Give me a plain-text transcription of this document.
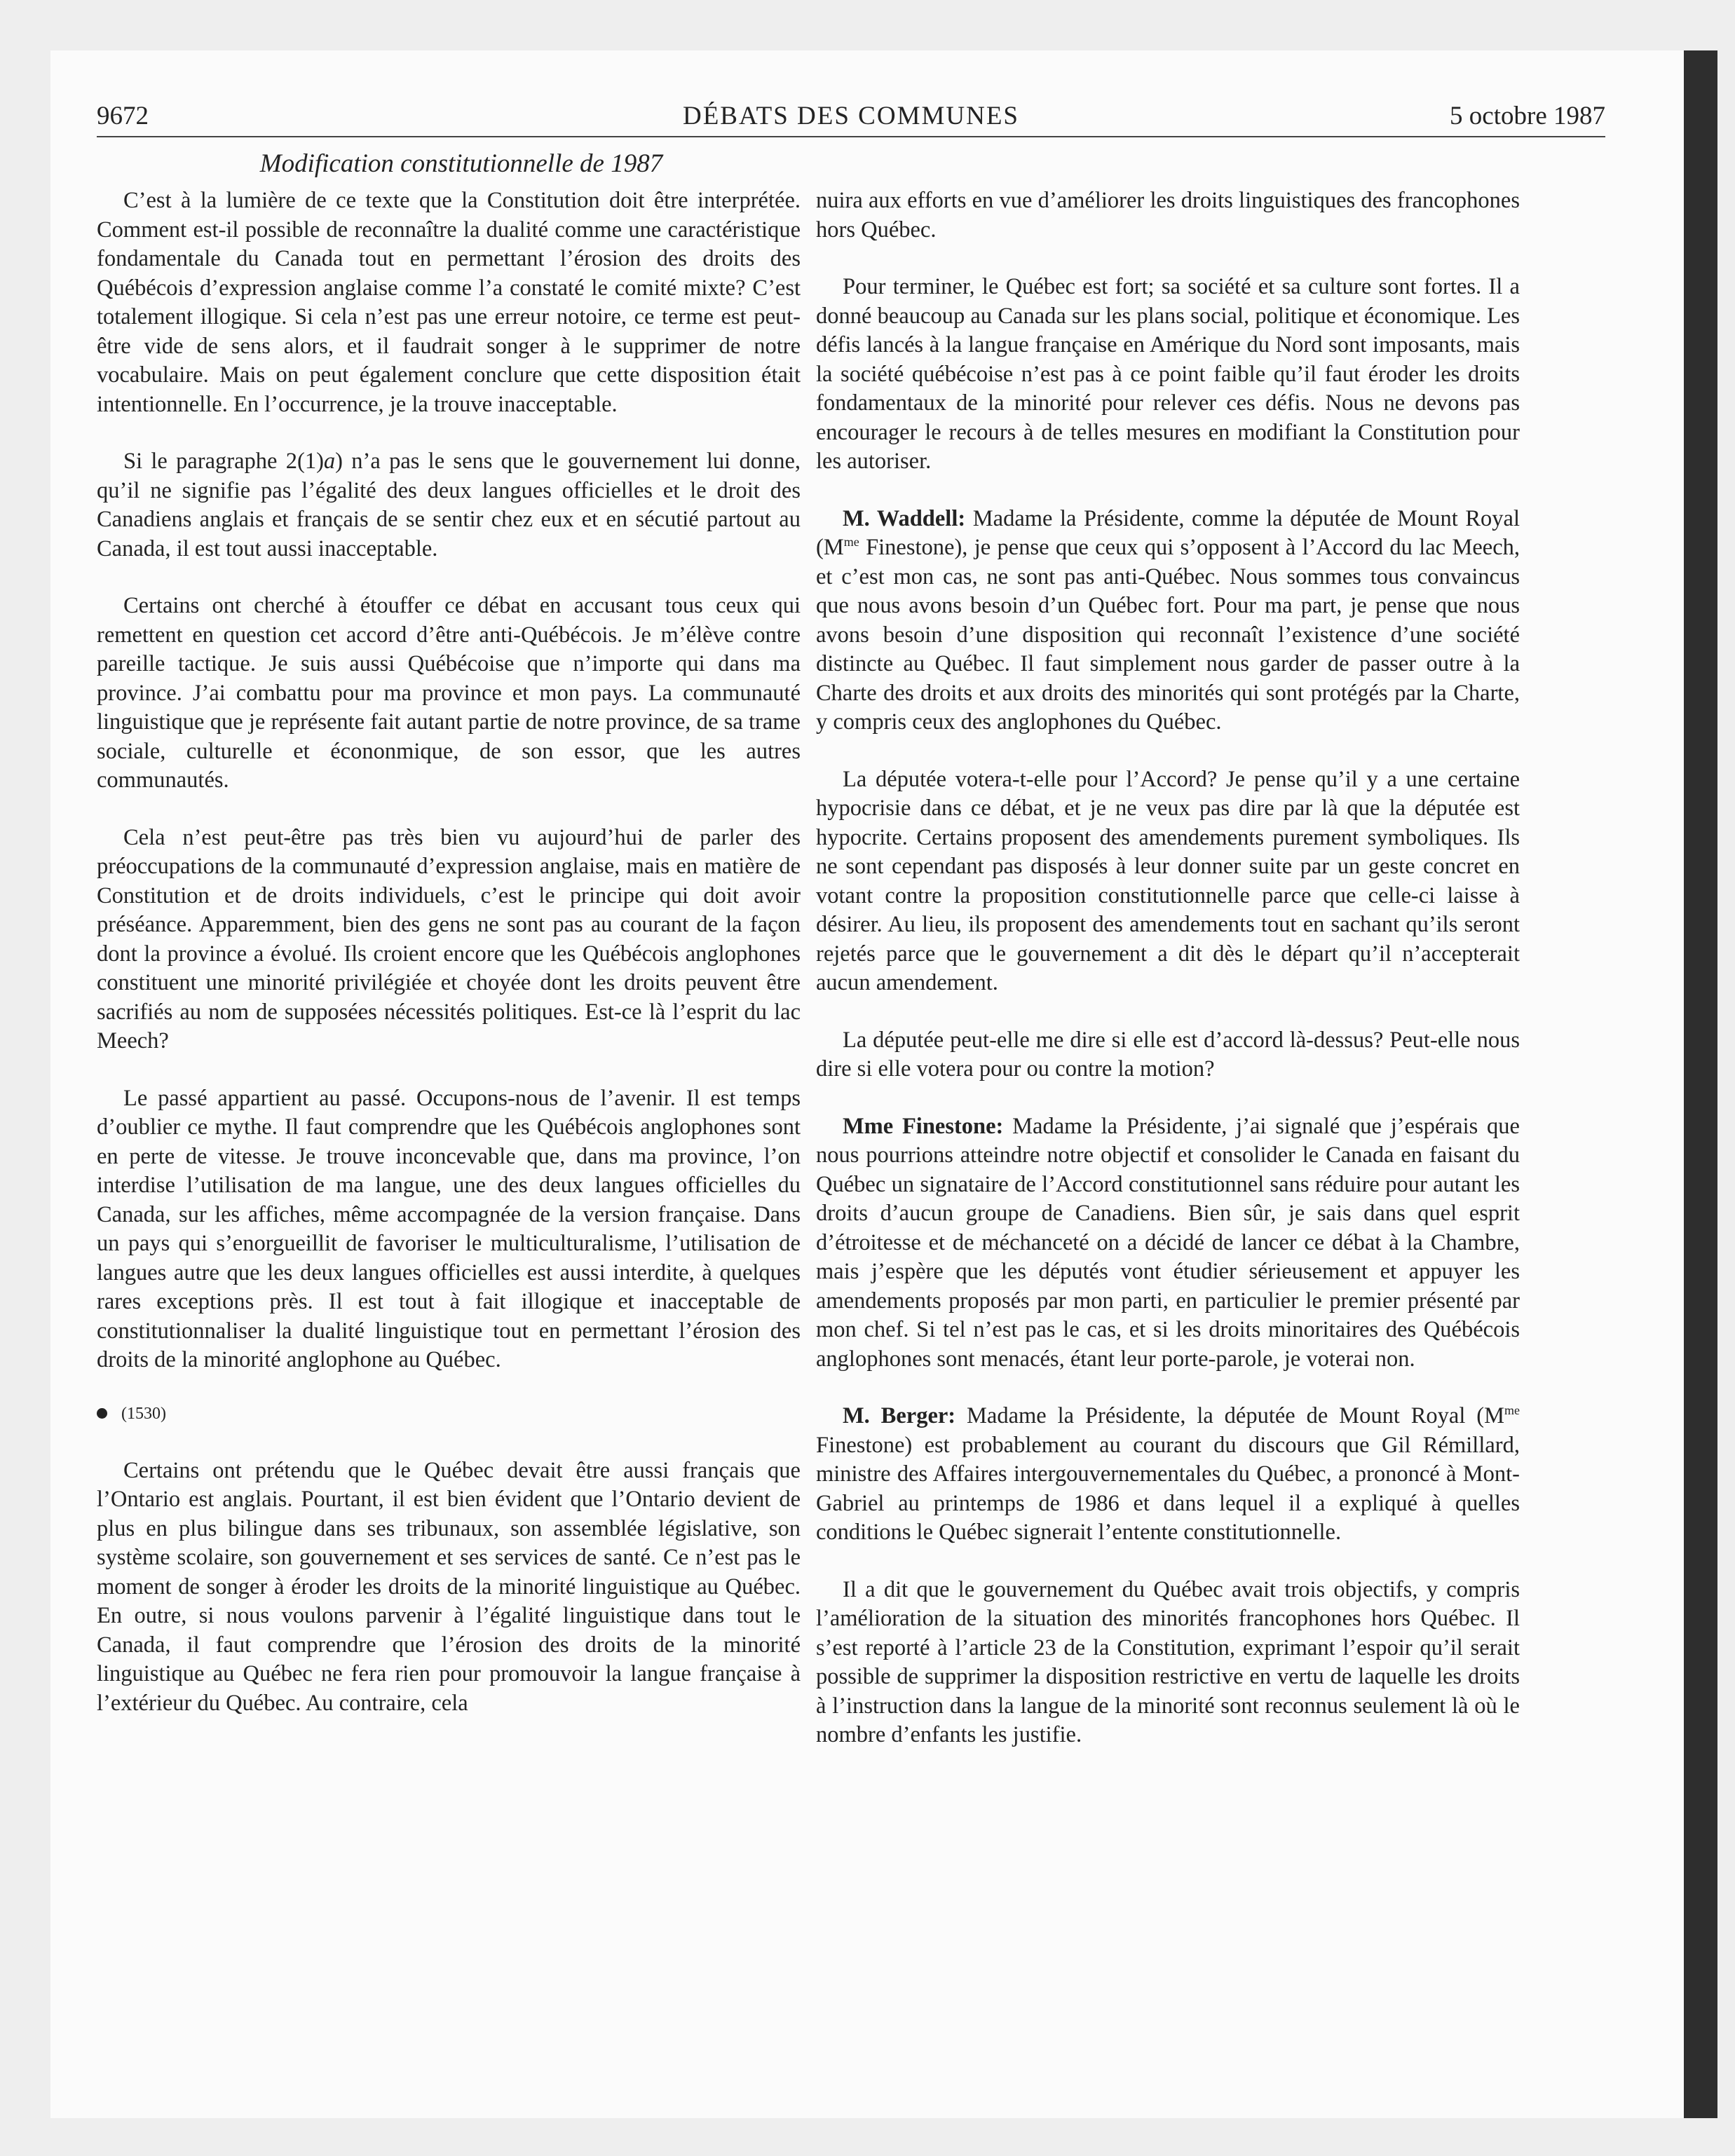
9672	DÉBATS DES COMMUNES	5 octobre 1987
Modification constitutionnelle de 1987

C’est à la lumière de ce texte que la Constitution doit être interprétée. Comment est-il possible de reconnaître la dualité comme une caractéristique fondamentale du Canada tout en permettant l’érosion des droits des Québécois d’expression anglaise comme l’a constaté le comité mixte? C’est totalement illogique. Si cela n’est pas une erreur notoire, ce terme est peut-être vide de sens alors, et il faudrait songer à le supprimer de notre vocabulaire. Mais on peut également conclure que cette disposition était intentionnelle. En l’occurrence, je la trouve inacceptable.

Si le paragraphe 2(1)a) n’a pas le sens que le gouvernement lui donne, qu’il ne signifie pas l’égalité des deux langues officielles et le droit des Canadiens anglais et français de se sentir chez eux et en sécutié partout au Canada, il est tout aussi inacceptable.

Certains ont cherché à étouffer ce débat en accusant tous ceux qui remettent en question cet accord d’être anti-Québécois. Je m’élève contre pareille tactique. Je suis aussi Québécoise que n’importe qui dans ma province. J’ai combattu pour ma province et mon pays. La communauté linguistique que je représente fait autant partie de notre province, de sa trame sociale, culturelle et écononmique, de son essor, que les autres communautés.

Cela n’est peut-être pas très bien vu aujourd’hui de parler des préoccupations de la communauté d’expression anglaise, mais en matière de Constitution et de droits individuels, c’est le principe qui doit avoir préséance. Apparemment, bien des gens ne sont pas au courant de la façon dont la province a évolué. Ils croient encore que les Québécois anglophones constituent une minorité privilégiée et choyée dont les droits peuvent être sacrifiés au nom de supposées nécessités politiques. Est-ce là l’esprit du lac Meech?

Le passé appartient au passé. Occupons-nous de l’avenir. Il est temps d’oublier ce mythe. Il faut comprendre que les Québécois anglophones sont en perte de vitesse. Je trouve inconcevable que, dans ma province, l’on interdise l’utilisation de ma langue, une des deux langues officielles du Canada, sur les affiches, même accompagnée de la version française. Dans un pays qui s’enorgueillit de favoriser le multiculturalisme, l’utilisation de langues autre que les deux langues officielles est aussi interdite, à quelques rares exceptions près. Il est tout à fait illogique et inacceptable de constitutionnaliser la dualité linguistique tout en permettant l’érosion des droits de la minorité anglophone au Québec.

(1530)

Certains ont prétendu que le Québec devait être aussi français que l’Ontario est anglais. Pourtant, il est bien évident que l’Ontario devient de plus en plus bilingue dans ses tribunaux, son assemblée législative, son système scolaire, son gouvernement et ses services de santé. Ce n’est pas le moment de songer à éroder les droits de la minorité linguistique au Québec. En outre, si nous voulons parvenir à l’égalité linguistique dans tout le Canada, il faut comprendre que l’érosion des droits de la minorité linguistique au Québec ne fera rien pour promouvoir la langue française à l’extérieur du Québec. Au contraire, cela

nuira aux efforts en vue d’améliorer les droits linguistiques des francophones hors Québec.

Pour terminer, le Québec est fort; sa société et sa culture sont fortes. Il a donné beaucoup au Canada sur les plans social, politique et économique. Les défis lancés à la langue française en Amérique du Nord sont imposants, mais la société québécoise n’est pas à ce point faible qu’il faut éroder les droits fondamentaux de la minorité pour relever ces défis. Nous ne devons pas encourager le recours à de telles mesures en modifiant la Constitution pour les autoriser.

M. Waddell: Madame la Présidente, comme la députée de Mount Royal ($M^{me}$ Finestone), je pense que ceux qui s’opposent à l’Accord du lac Meech, et c’est mon cas, ne sont pas anti-Québec. Nous sommes tous convaincus que nous avons besoin d’un Québec fort. Pour ma part, je pense que nous avons besoin d’une disposition qui reconnaît l’existence d’une société distincte au Québec. Il faut simplement nous garder de passer outre à la Charte des droits et aux droits des minorités qui sont protégés par la Charte, y compris ceux des anglophones du Québec.

La députée votera-t-elle pour l’Accord? Je pense qu’il y a une certaine hypocrisie dans ce débat, et je ne veux pas dire par là que la députée est hypocrite. Certains proposent des amendements purement symboliques. Ils ne sont cependant pas disposés à leur donner suite par un geste concret en votant contre la proposition constitutionnelle parce que celle-ci laisse à désirer. Au lieu, ils proposent des amendements tout en sachant qu’ils seront rejetés parce que le gouvernement a dit dès le départ qu’il n’accepterait aucun amendement.

La députée peut-elle me dire si elle est d’accord là-dessus? Peut-elle nous dire si elle votera pour ou contre la motion?

Mme Finestone: Madame la Présidente, j’ai signalé que j’espérais que nous pourrions atteindre notre objectif et consolider le Canada en faisant du Québec un signataire de l’Accord constitutionnel sans réduire pour autant les droits d’aucun groupe de Canadiens. Bien sûr, je sais dans quel esprit d’étroitesse et de méchanceté on a décidé de lancer ce débat à la Chambre, mais j’espère que les députés vont étudier sérieusement et appuyer les amendements proposés par mon parti, en particulier le premier présenté par mon chef. Si tel n’est pas le cas, et si les droits minoritaires des Québécois anglophones sont menacés, étant leur porte-parole, je voterai non.

M. Berger: Madame la Présidente, la députée de Mount Royal ($M^{me}$ Finestone) est probablement au courant du discours que Gil Rémillard, ministre des Affaires intergouvernementales du Québec, a prononcé à Mont-Gabriel au printemps de 1986 et dans lequel il a expliqué à quelles conditions le Québec signerait l’entente constitutionnelle.

Il a dit que le gouvernement du Québec avait trois objectifs, y compris l’amélioration de la situation des minorités francophones hors Québec. Il s’est reporté à l’article 23 de la Constitution, exprimant l’espoir qu’il serait possible de supprimer la disposition restrictive en vertu de laquelle les droits à l’instruction dans la langue de la minorité sont reconnus seulement là où le nombre d’enfants les justifie.
